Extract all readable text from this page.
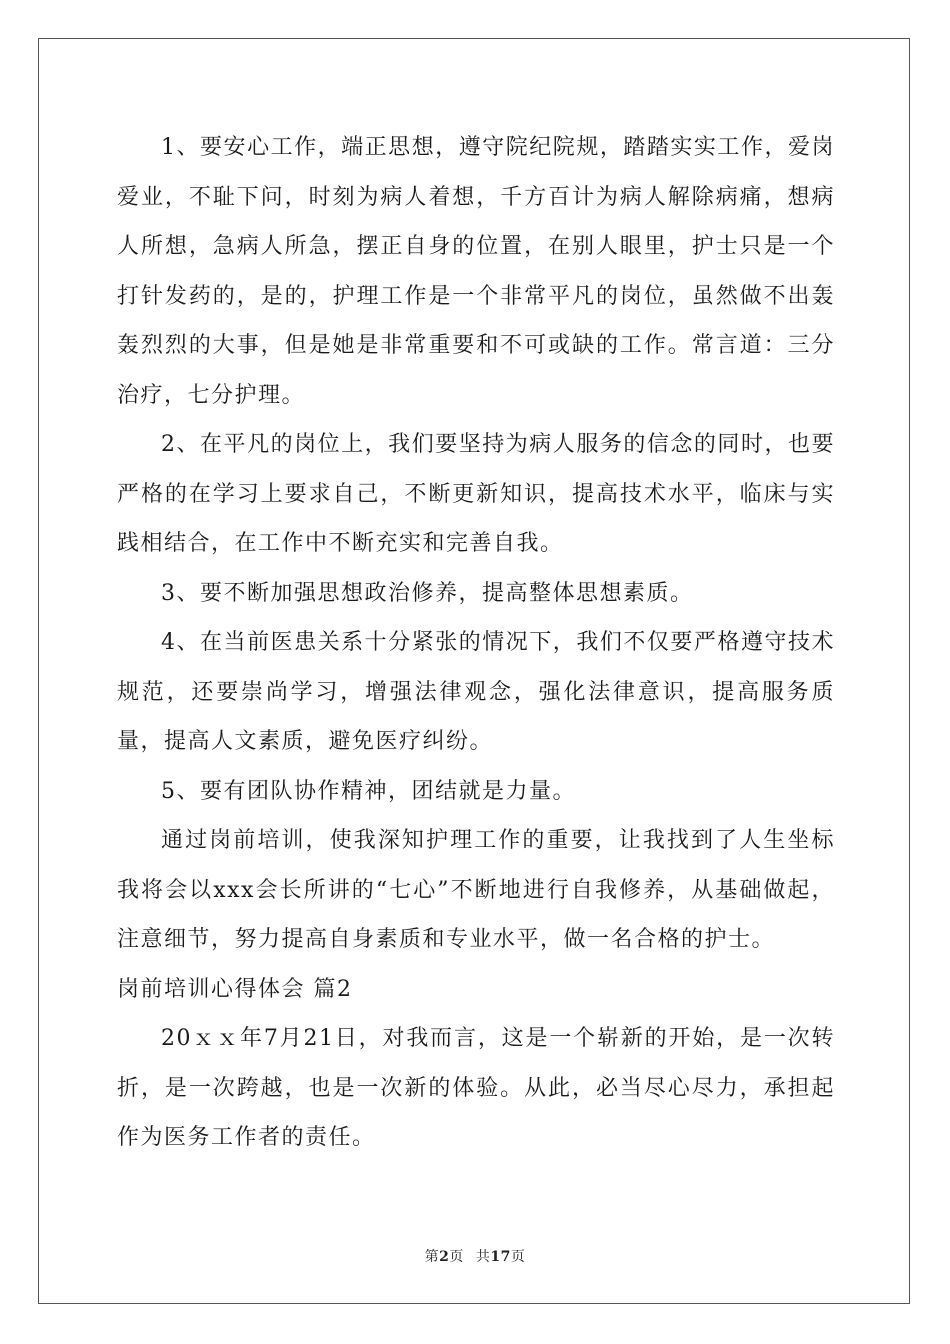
1、要安心工作，端正思想，遵守院纪院规，踏踏实实工作，爱岗爱业，不耻下问，时刻为病人着想，千方百计为病人解除病痛，想病人所想，急病人所急，摆正自身的位置，在别人眼里，护士只是一个打针发药的，是的，护理工作是一个非常平凡的岗位，虽然做不出轰轰烈烈的大事，但是她是非常重要和不可或缺的工作。常言道：三分治疗，七分护理。

2、在平凡的岗位上，我们要坚持为病人服务的信念的同时，也要严格的在学习上要求自己，不断更新知识，提高技术水平，临床与实践相结合，在工作中不断充实和完善自我。

3、要不断加强思想政治修养，提高整体思想素质。

4、在当前医患关系十分紧张的情况下，我们不仅要严格遵守技术规范，还要崇尚学习，增强法律观念，强化法律意识，提高服务质量，提高人文素质，避免医疗纠纷。

5、要有团队协作精神，团结就是力量。

通过岗前培训，使我深知护理工作的重要，让我找到了人生坐标我将会以xxx会长所讲的“七心”不断地进行自我修养，从基础做起，注意细节，努力提高自身素质和专业水平，做一名合格的护士。

岗前培训心得体会 篇2

20ｘｘ年7月21日，对我而言，这是一个崭新的开始，是一次转折，是一次跨越，也是一次新的体验。从此，必当尽心尽力，承担起作为医务工作者的责任。

第2页 共17页
